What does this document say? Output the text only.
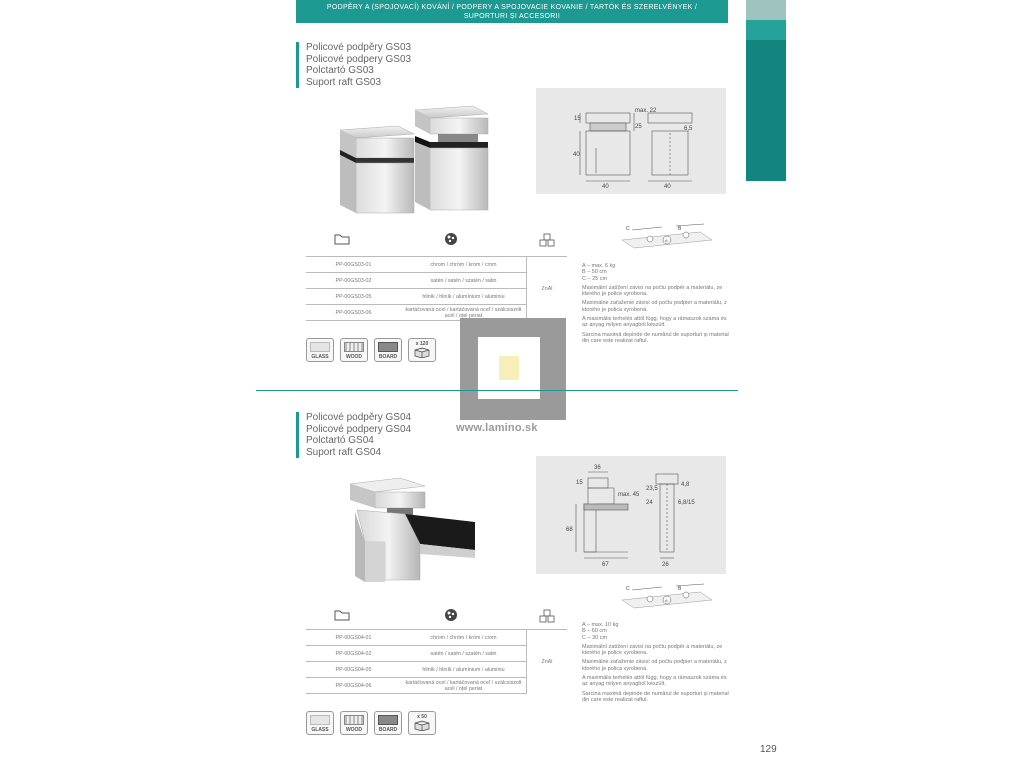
PODPĚRY A (SPOJOVACÍ) KOVÁNÍ / PODPERY A SPOJOVACIE KOVANIE / TARTÓK ÉS SZERELVÉNYEK /
SUPORTURI ȘI ACCESORII
Policové podpěry GS03
Policové podpery GS03
Polctartó GS03
Suport raft GS03
15
max. 22
25	6,5
40
40	40
C
A
B
PP-00GS03-01	chrom / chróm / króm / crom	ZnAl
PP-00GS03-02	satén / satén / szatén / satin	
PP-00GS03-05	hliník / hliník / alumínium / aluminiu	
PP-00GS03-06	kartáčovaná ocel / kartáčovaná oceľ / szálcsiszolt acél / oțel periat	
GLASS	WOOD	BOARD
x 120
A – max. 6 kg
B – 50 cm

C – 25 cm

Maximální zatížení závisí na počtu podpěr a materiálu, ze kterého je police vyrobena.

Maximálne zaťaženie závisí od počtu podpier a materiálu, z ktorého je polica vyrobená.

A maximális terhelés attól függ, hogy a rámaszok száma és az anyag milyen anyagból készült.

Sarcina maximă depinde de numărul de suporturi și material din care este realizat raftul.

www.lamino.sk
Policové podpěry GS04
Policové podpery GS04
Polctartó GS04
Suport raft GS04
36
15
max. 45
23,5
4,8
24	6,8/15
68
67	26
C
A
B
PP-00GS04-01	chrom / chróm / króm / crom	ZnAl
PP-00GS04-02	satén / satén / szatén / satin	
PP-00GS04-05	hliník / hliník / alumínium / aluminiu	
PP-00GS04-06	kartáčovaná ocel / kartáčovaná oceľ / szálcsiszolt acél / oțel periat	
GLASS	WOOD	BOARD
x 50
A – max. 10 kg
B – 60 cm

C – 30 cm

Maximální zatížení závisí na počtu podpěr a materiálu, ze kterého je police vyrobena.

Maximálne zaťaženie závisí od počtu podpier a materiálu, z ktorého je polica vyrobená.

A maximális terhelés attól függ, hogy a rámaszok száma és az anyag milyen anyagból készült.

Sarcina maximă depinde de numărul de suporturi și material din care este realizat raftul.

129
